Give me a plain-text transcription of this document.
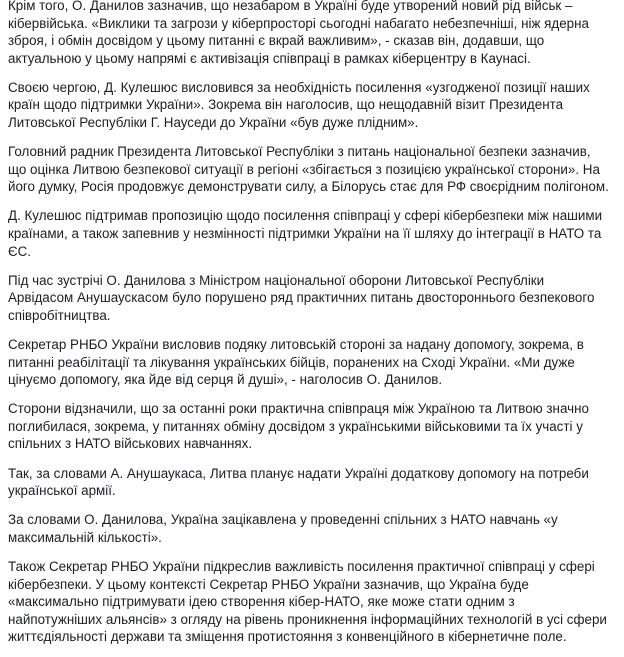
Крім того, О. Данилов зазначив, що незабаром в Україні буде утворений новий рід військ – кібервійська. «Виклики та загрози у кіберпросторі сьогодні набагато небезпечніші, ніж ядерна зброя, і обмін досвідом у цьому питанні є вкрай важливим», - сказав він, додавши, що актуальною у цьому напрямі є активізація співпраці в рамках кіберцентру в Каунасі.

Своєю чергою, Д. Кулешюс висловився за необхідність посилення «узгодженої позиції наших країн щодо підтримки України». Зокрема він наголосив, що нещодавній візит Президента Литовської Республіки Г. Науседи до України «був дуже плідним».

Головний радник Президента Литовської Республіки з питань національної безпеки зазначив, що оцінка Литвою безпекової ситуації в регіоні «збігається з позицією української сторони». На його думку, Росія продовжує демонструвати силу, а Білорусь стає для РФ своєрідним полігоном.

Д. Кулешюс підтримав пропозицію щодо посилення співпраці у сфері кібербезпеки між нашими країнами, а також запевнив у незмінності підтримки України на її шляху до інтеграції в НАТО та ЄС.

Під час зустрічі О. Данилова з Міністром національної оборони Литовської Республіки Арвідасом Анушаускасом було порушено ряд практичних питань двостороннього безпекового співробітництва.

Секретар РНБО України висловив подяку литовській стороні за надану допомогу, зокрема, в питанні реабілітації та лікування українських бійців, поранених на Сході України. «Ми дуже цінуємо допомогу, яка йде від серця й душі», - наголосив О. Данилов.

Сторони відзначили, що за останні роки практична співпраця між Україною та Литвою значно поглибилася, зокрема, у питаннях обміну досвідом з українськими військовими та їх участі у спільних з НАТО військових навчаннях.

Так, за словами А. Анушаукаса, Литва планує надати Україні додаткову допомогу на потреби української армії.

За словами О. Данилова, Україна зацікавлена у проведенні спільних з НАТО навчань «у максимальній кількості».

Також Секретар РНБО України підкреслив важливість посилення практичної співпраці у сфері кібербезпеки. У цьому контексті Секретар РНБО України зазначив, що Україна буде «максимально підтримувати ідею створення кібер-НАТО, яке може стати одним з найпотужніших альянсів» з огляду на рівень проникнення інформаційних технологій в усі сфери життєдіяльності держави та зміщення протистояння з конвенційного в кібернетичне поле.
